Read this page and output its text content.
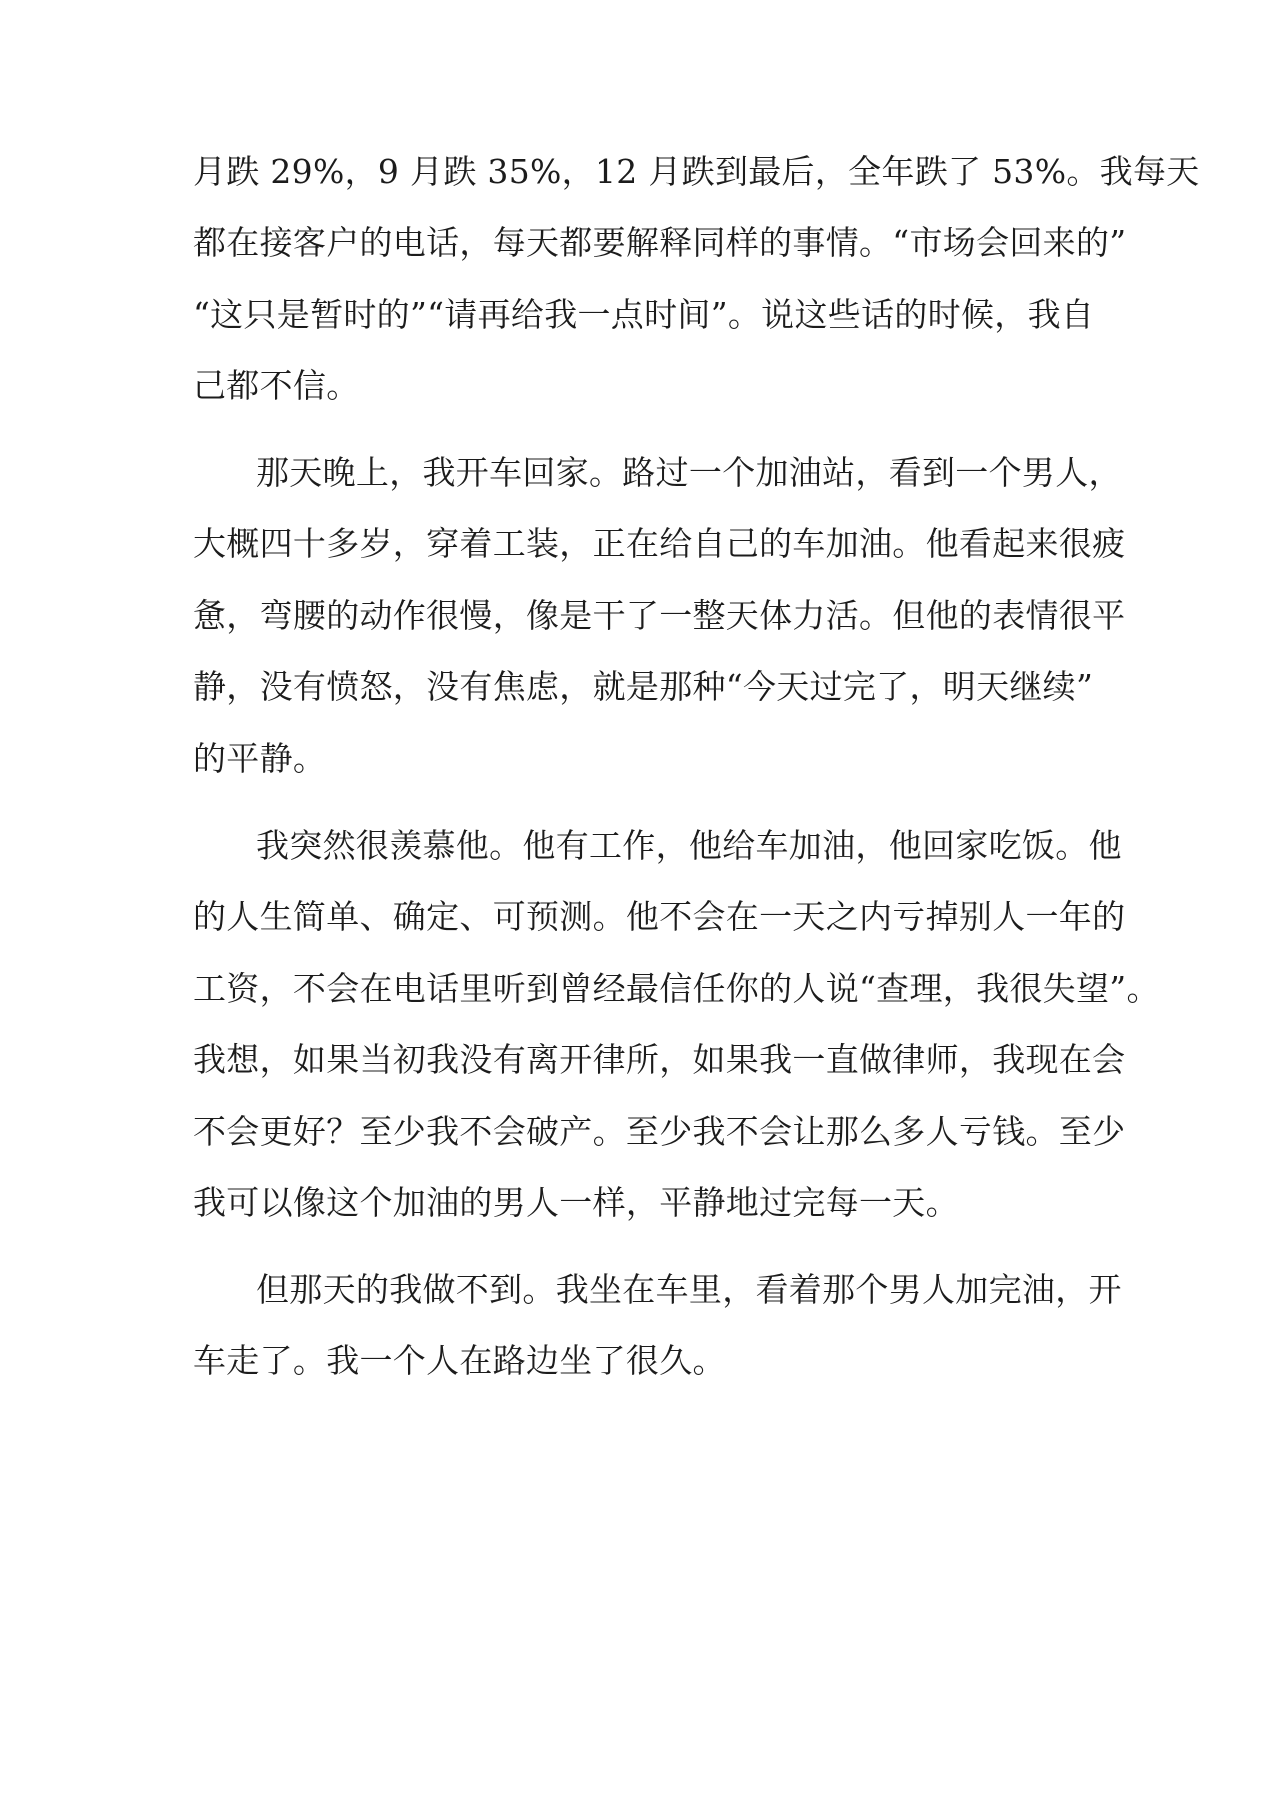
月跌 29%，9 月跌 35%，12 月跌到最后，全年跌了 53%。我每天

都在接客户的电话，每天都要解释同样的事情。“市场会回来的”

“这只是暂时的”“请再给我一点时间”。说这些话的时候，我自

己都不信。

那天晚上，我开车回家。路过一个加油站，看到一个男人，

大概四十多岁，穿着工装，正在给自己的车加油。他看起来很疲

惫，弯腰的动作很慢，像是干了一整天体力活。但他的表情很平

静，没有愤怒，没有焦虑，就是那种“今天过完了，明天继续”

的平静。

我突然很羡慕他。他有工作，他给车加油，他回家吃饭。他

的人生简单、确定、可预测。他不会在一天之内亏掉别人一年的

工资，不会在电话里听到曾经最信任你的人说“查理，我很失望”。

我想，如果当初我没有离开律所，如果我一直做律师，我现在会

不会更好？至少我不会破产。至少我不会让那么多人亏钱。至少

我可以像这个加油的男人一样，平静地过完每一天。

但那天的我做不到。我坐在车里，看着那个男人加完油，开

车走了。我一个人在路边坐了很久。
